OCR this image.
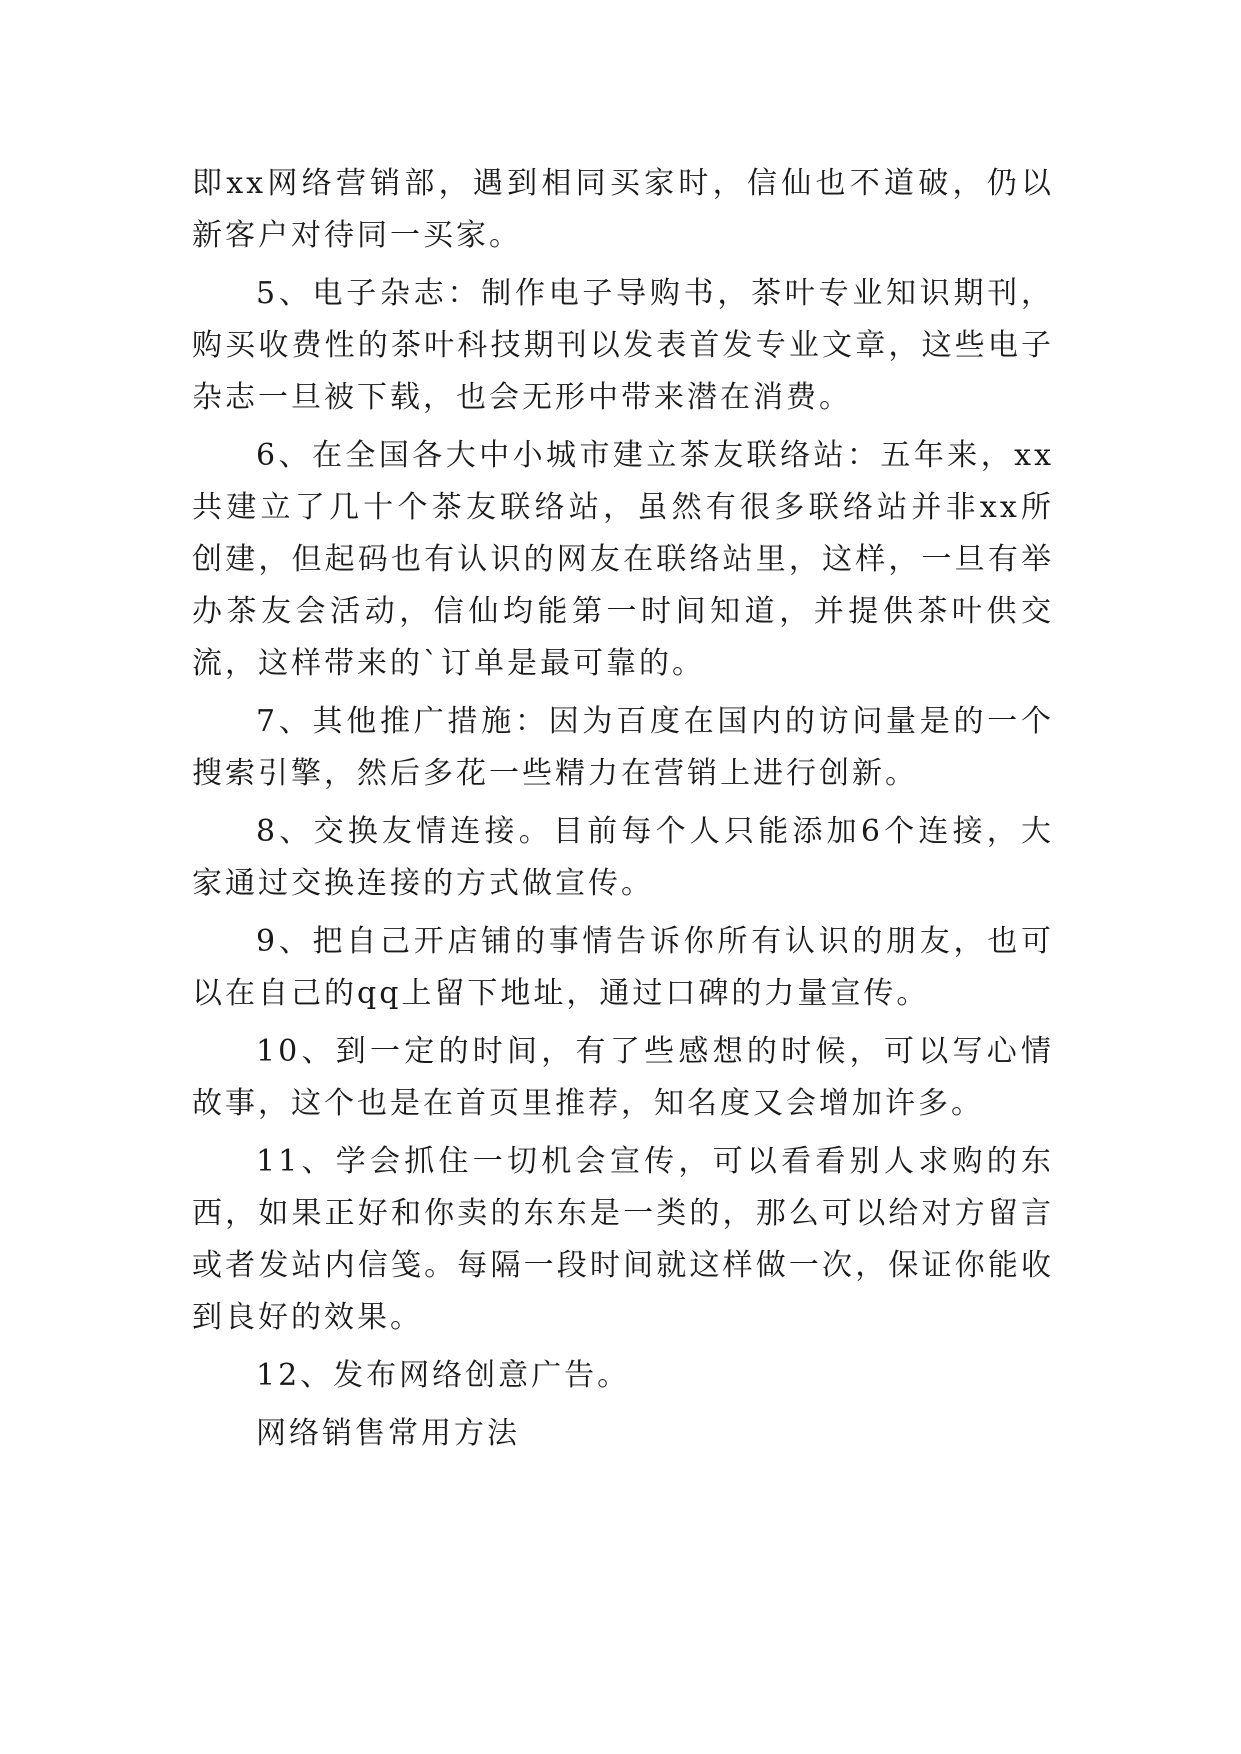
即xx网络营销部，遇到相同买家时，信仙也不道破，仍以新客户对待同一买家。

5、电子杂志：制作电子导购书，茶叶专业知识期刊，购买收费性的茶叶科技期刊以发表首发专业文章，这些电子杂志一旦被下载，也会无形中带来潜在消费。

6、在全国各大中小城市建立茶友联络站：五年来，xx共建立了几十个茶友联络站，虽然有很多联络站并非xx所创建，但起码也有认识的网友在联络站里，这样，一旦有举办茶友会活动，信仙均能第一时间知道，并提供茶叶供交流，这样带来的`订单是最可靠的。

7、其他推广措施：因为百度在国内的访问量是的一个搜索引擎，然后多花一些精力在营销上进行创新。

8、交换友情连接。目前每个人只能添加6个连接，大家通过交换连接的方式做宣传。

9、把自己开店铺的事情告诉你所有认识的朋友，也可以在自己的qq上留下地址，通过口碑的力量宣传。

10、到一定的时间，有了些感想的时候，可以写心情故事，这个也是在首页里推荐，知名度又会增加许多。

11、学会抓住一切机会宣传，可以看看别人求购的东西，如果正好和你卖的东东是一类的，那么可以给对方留言或者发站内信笺。每隔一段时间就这样做一次，保证你能收到良好的效果。

12、发布网络创意广告。

网络销售常用方法
